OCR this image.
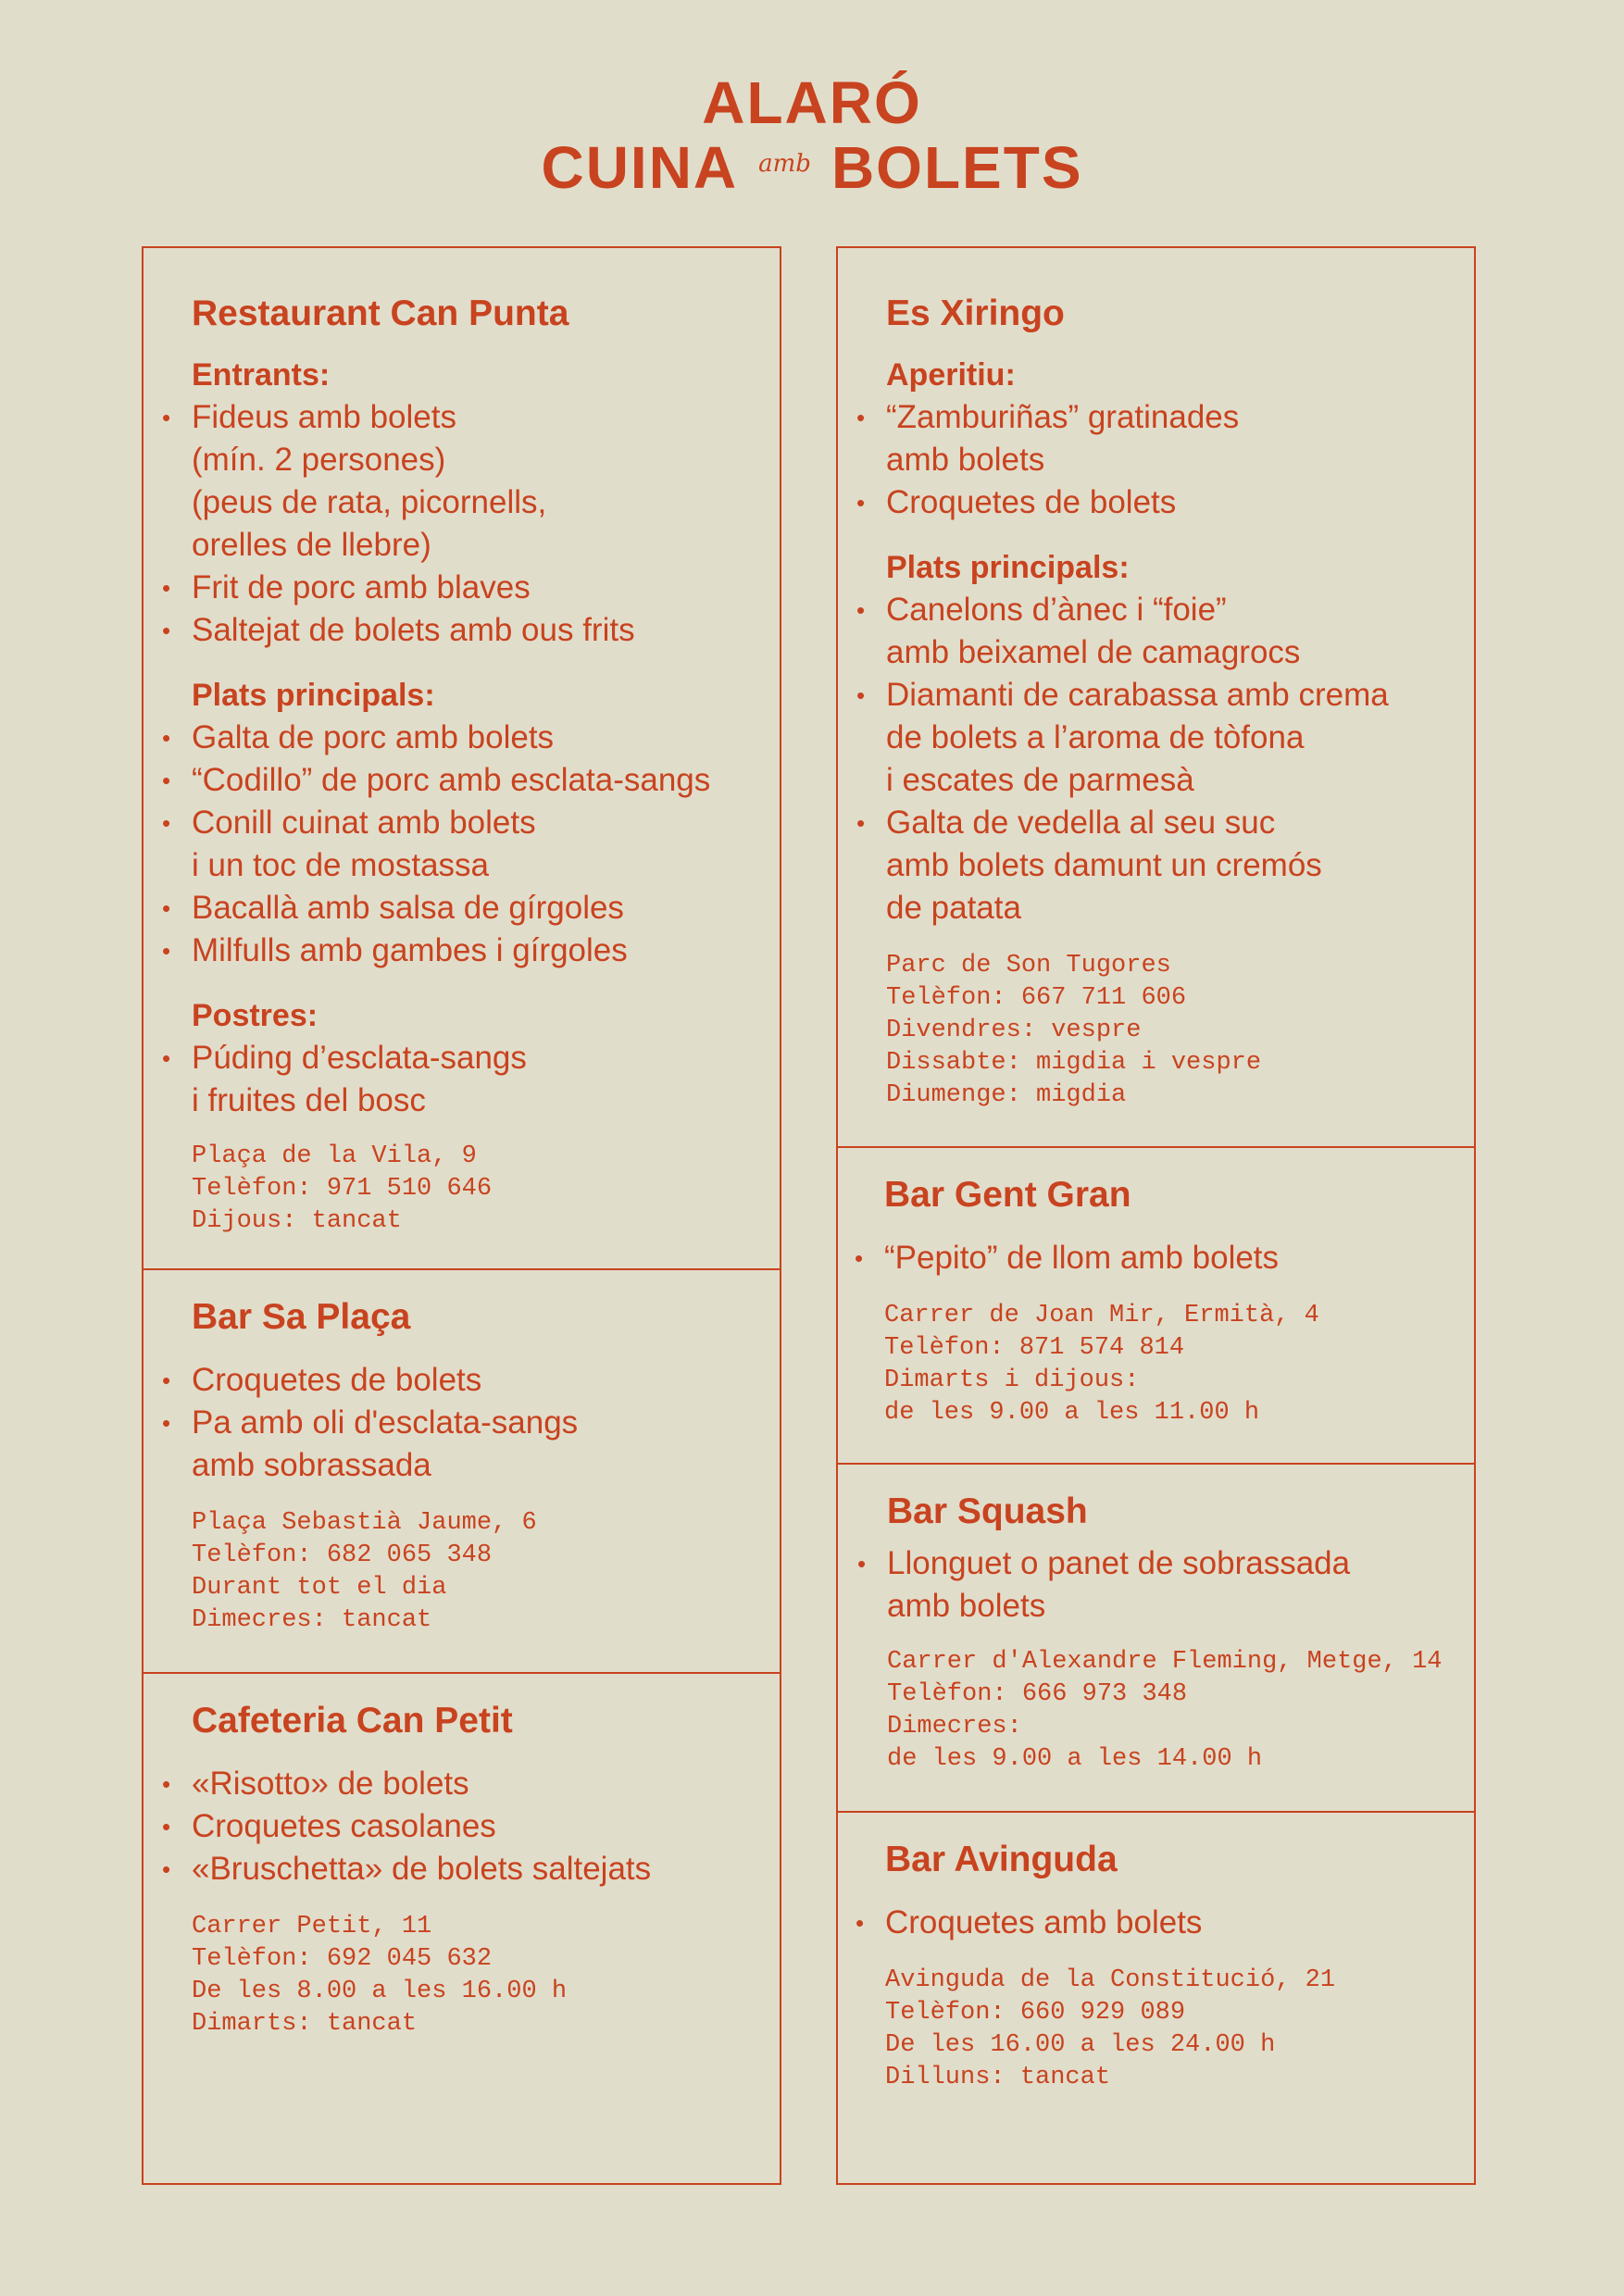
ALARÓ
CUINA $^{amb}$ BOLETS
Restaurant Can Punta
Entrants:
• Fideus amb bolets
(mín. 2 persones)
(peus de rata, picornells,
orelles de llebre)
• Frit de porc amb blaves
• Saltejat de bolets amb ous frits
Plats principals:
• Galta de porc amb bolets
• “Codillo” de porc amb esclata-sangs
• Conill cuinat amb bolets
i un toc de mostassa
• Bacallà amb salsa de gírgoles
• Milfulls amb gambes i gírgoles
Postres:
• Púding d’esclata-sangs
i fruites del bosc
Plaça de la Vila, 9
Telèfon: 971 510 646
Dijous: tancat
Bar Sa Plaça
• Croquetes de bolets
• Pa amb oli d'esclata-sangs
amb sobrassada
Plaça Sebastià Jaume, 6
Telèfon: 682 065 348
Durant tot el dia
Dimecres: tancat
Cafeteria Can Petit
• «Risotto» de bolets
• Croquetes casolanes
• «Bruschetta» de bolets saltejats
Carrer Petit, 11
Telèfon: 692 045 632
De les 8.00 a les 16.00 h
Dimarts: tancat
Es Xiringo
Aperitiu:
• “Zamburiñas” gratinades
amb bolets
• Croquetes de bolets
Plats principals:
• Canelons d’ànec i “foie”
amb beixamel de camagrocs
• Diamanti de carabassa amb crema
de bolets a l’aroma de tòfona
i escates de parmesà
• Galta de vedella al seu suc
amb bolets damunt un cremós
de patata
Parc de Son Tugores
Telèfon: 667 711 606
Divendres: vespre
Dissabte: migdia i vespre
Diumenge: migdia
Bar Gent Gran
• “Pepito” de llom amb bolets
Carrer de Joan Mir, Ermità, 4
Telèfon: 871 574 814
Dimarts i dijous:
de les 9.00 a les 11.00 h
Bar Squash
• Llonguet o panet de sobrassada
amb bolets
Carrer d'Alexandre Fleming, Metge, 14
Telèfon: 666 973 348
Dimecres:
de les 9.00 a les 14.00 h
Bar Avinguda
• Croquetes amb bolets
Avinguda de la Constitució, 21
Telèfon: 660 929 089
De les 16.00 a les 24.00 h
Dilluns: tancat
